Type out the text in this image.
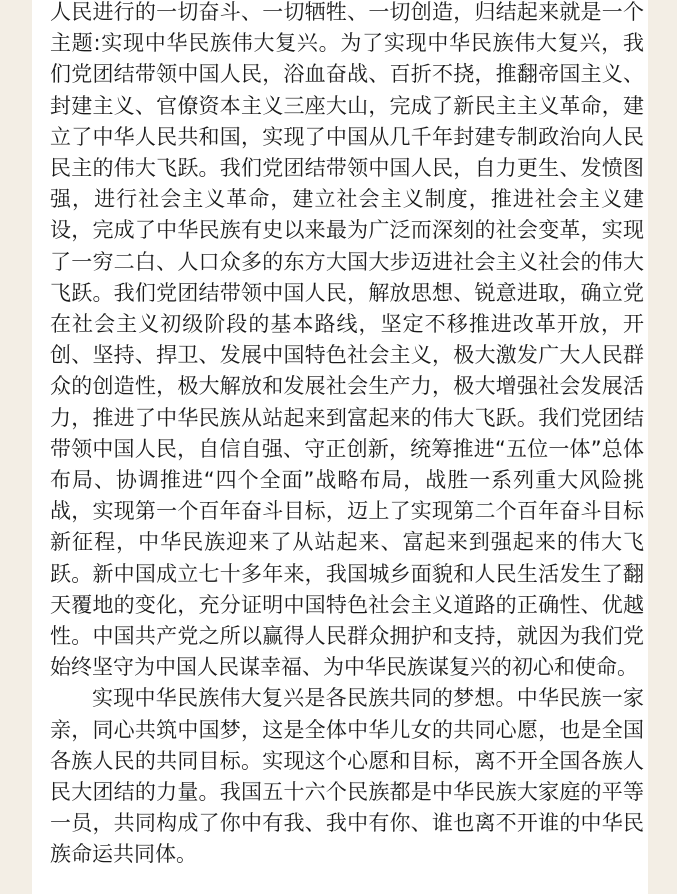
人民进行的一切奋斗、一切牺牲、一切创造，归结起来就是一个主题:实现中华民族伟大复兴。为了实现中华民族伟大复兴，我们党团结带领中国人民，浴血奋战、百折不挠，推翻帝国主义、封建主义、官僚资本主义三座大山，完成了新民主主义革命，建立了中华人民共和国，实现了中国从几千年封建专制政治向人民民主的伟大飞跃。我们党团结带领中国人民，自力更生、发愤图强，进行社会主义革命，建立社会主义制度，推进社会主义建设，完成了中华民族有史以来最为广泛而深刻的社会变革，实现了一穷二白、人口众多的东方大国大步迈进社会主义社会的伟大飞跃。我们党团结带领中国人民，解放思想、锐意进取，确立党在社会主义初级阶段的基本路线，坚定不移推进改革开放，开创、坚持、捍卫、发展中国特色社会主义，极大激发广大人民群众的创造性，极大解放和发展社会生产力，极大增强社会发展活力，推进了中华民族从站起来到富起来的伟大飞跃。我们党团结带领中国人民，自信自强、守正创新，统筹推进“五位一体”总体布局、协调推进“四个全面”战略布局，战胜一系列重大风险挑战，实现第一个百年奋斗目标，迈上了实现第二个百年奋斗目标新征程，中华民族迎来了从站起来、富起来到强起来的伟大飞跃。新中国成立七十多年来，我国城乡面貌和人民生活发生了翻天覆地的变化，充分证明中国特色社会主义道路的正确性、优越性。中国共产党之所以赢得人民群众拥护和支持，就因为我们党始终坚守为中国人民谋幸福、为中华民族谋复兴的初心和使命。

实现中华民族伟大复兴是各民族共同的梦想。中华民族一家亲，同心共筑中国梦，这是全体中华儿女的共同心愿，也是全国各族人民的共同目标。实现这个心愿和目标，离不开全国各族人民大团结的力量。我国五十六个民族都是中华民族大家庭的平等一员，共同构成了你中有我、我中有你、谁也离不开谁的中华民族命运共同体。
